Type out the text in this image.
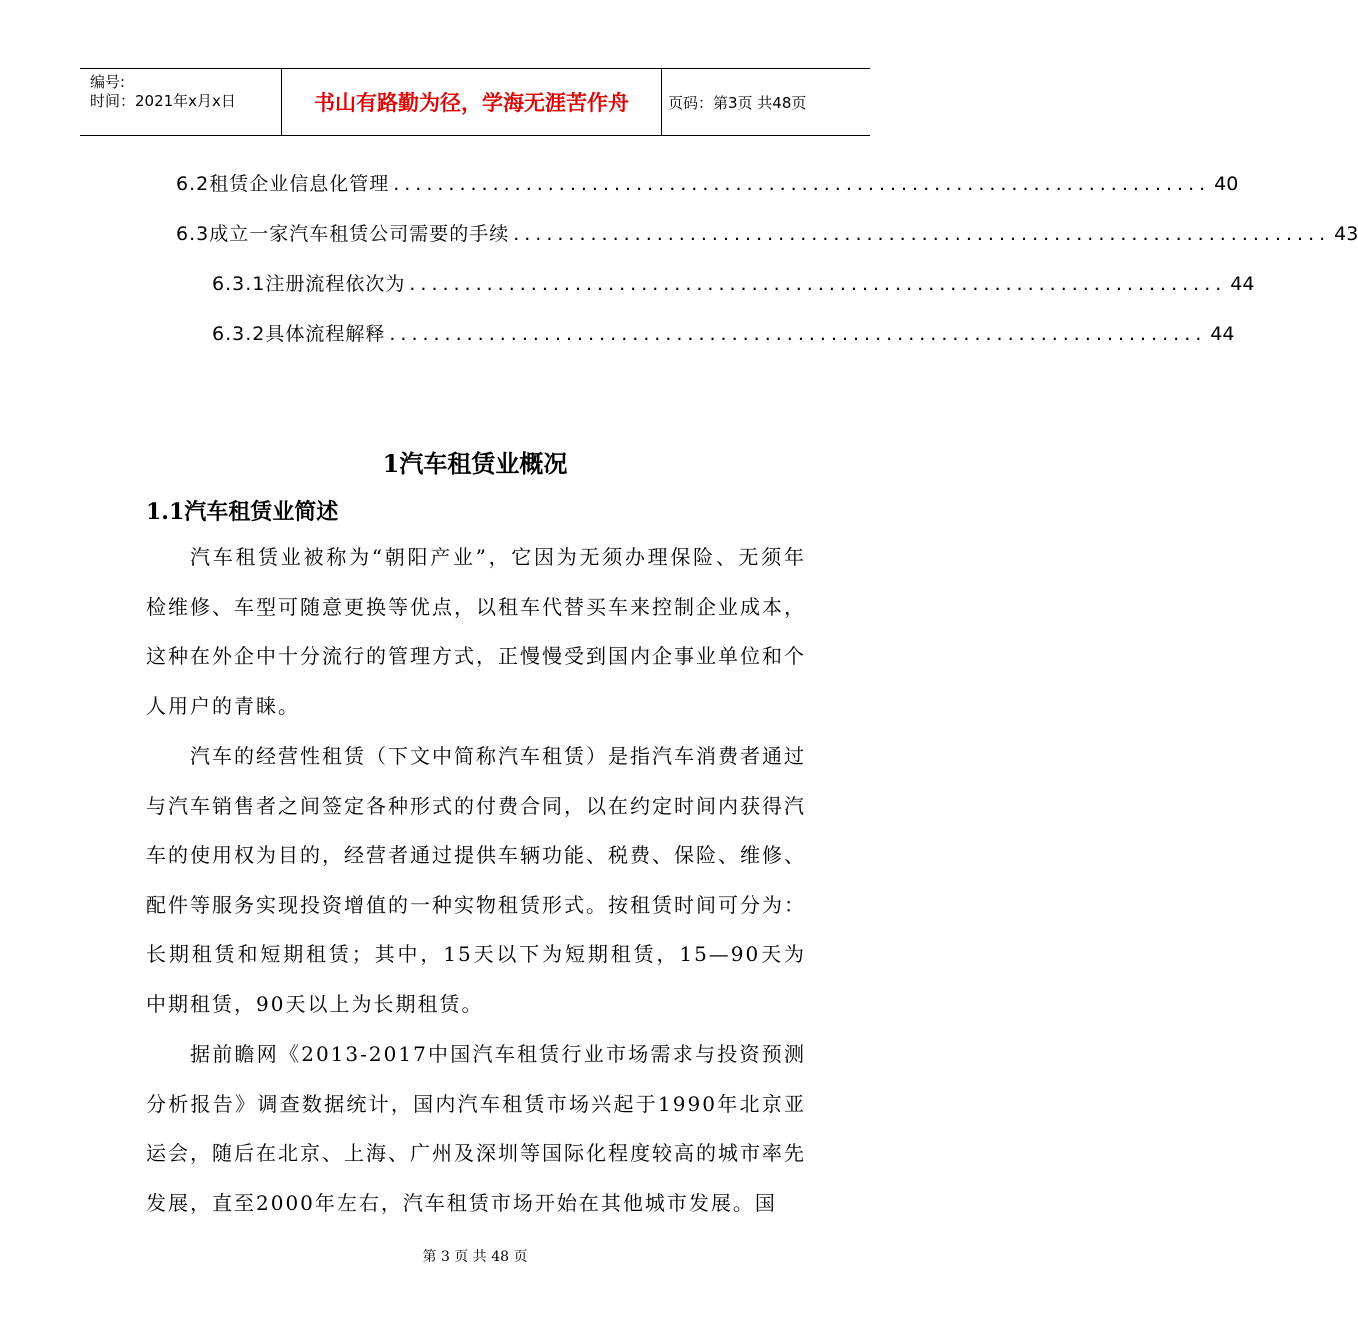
编号:
时间：2021年x月x日	书山有路勤为径，学海无涯苦作舟	页码：第3页 共48页
6.2租赁企业信息化管理 .......................................................................... 40
6.3成立一家汽车租赁公司需要的手续 .......................................................................... 43
6.3.1注册流程依次为 .......................................................................... 44
6.3.2具体流程解释 .......................................................................... 44
1汽车租赁业概况
1.1汽车租赁业简述
汽车租赁业被称为“朝阳产业”，它因为无须办理保险、无须年检维修、车型可随意更换等优点，以租车代替买车来控制企业成本，这种在外企中十分流行的管理方式，正慢慢受到国内企事业单位和个人用户的青睐。
汽车的经营性租赁（下文中简称汽车租赁）是指汽车消费者通过与汽车销售者之间签定各种形式的付费合同，以在约定时间内获得汽车的使用权为目的，经营者通过提供车辆功能、税费、保险、维修、配件等服务实现投资增值的一种实物租赁形式。按租赁时间可分为：长期租赁和短期租赁；其中，15天以下为短期租赁，15—90天为中期租赁，90天以上为长期租赁。
据前瞻网《2013-2017中国汽车租赁行业市场需求与投资预测分析报告》调查数据统计，国内汽车租赁市场兴起于1990年北京亚运会，随后在北京、上海、广州及深圳等国际化程度较高的城市率先发展，直至2000年左右，汽车租赁市场开始在其他城市发展。国
第 3 页 共 48 页
